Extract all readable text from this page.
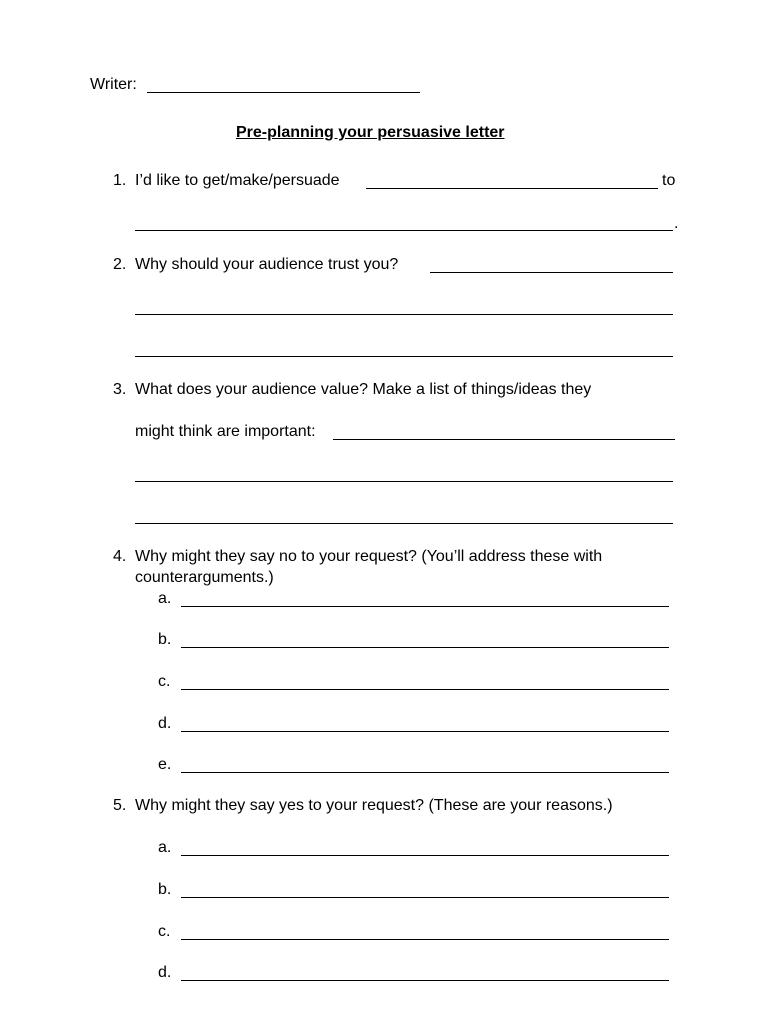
Writer:
Pre-planning your persuasive letter
1. I’d like to get/make/persuade	to
.
2. Why should your audience trust you?
3. What does your audience value? Make a list of things/ideas they
might think are important:
4. Why might they say no to your request? (You’ll address these with
counterarguments.)
a.
b.
c.
d.
e.
5. Why might they say yes to your request? (These are your reasons.)
a.
b.
c.
d.
